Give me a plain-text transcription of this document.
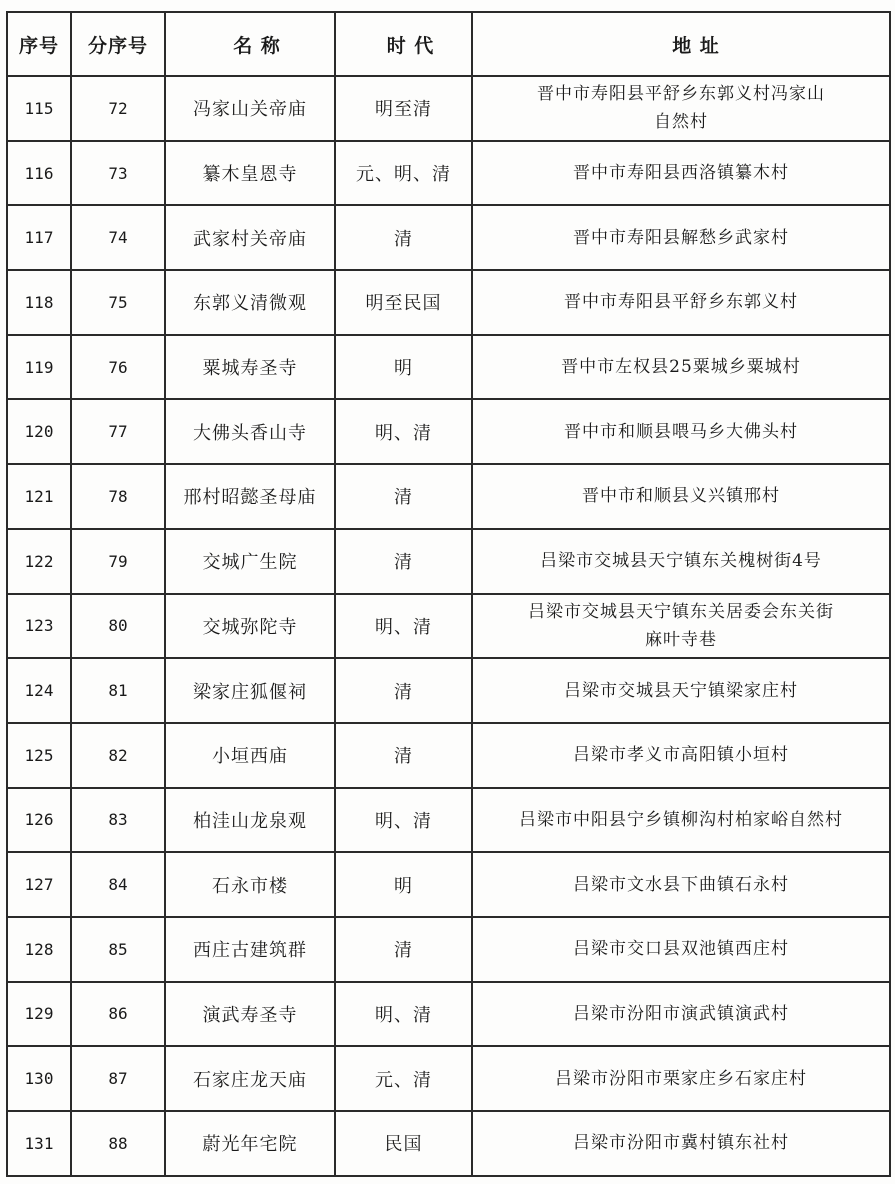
序号	分序号	名 称	时 代	地 址
115	72	冯家山关帝庙	明至清	晋中市寿阳县平舒乡东郭义村冯家山
自然村

116	73	纂木皇恩寺	元、明、清	晋中市寿阳县西洛镇纂木村

117	74	武家村关帝庙	清	晋中市寿阳县解愁乡武家村

118	75	东郭义清微观	明至民国	晋中市寿阳县平舒乡东郭义村

119	76	粟城寿圣寺	明	晋中市左权县25粟城乡粟城村

120	77	大佛头香山寺	明、清	晋中市和顺县喂马乡大佛头村

121	78	邢村昭懿圣母庙	清	晋中市和顺县义兴镇邢村

122	79	交城广生院	清	吕梁市交城县天宁镇东关槐树街4号

123	80	交城弥陀寺	明、清	吕梁市交城县天宁镇东关居委会东关街
麻叶寺巷

124	81	梁家庄狐偃祠	清	吕梁市交城县天宁镇梁家庄村

125	82	小垣西庙	清	吕梁市孝义市高阳镇小垣村

126	83	柏洼山龙泉观	明、清	吕梁市中阳县宁乡镇柳沟村柏家峪自然村

127	84	石永市楼	明	吕梁市文水县下曲镇石永村

128	85	西庄古建筑群	清	吕梁市交口县双池镇西庄村

129	86	演武寿圣寺	明、清	吕梁市汾阳市演武镇演武村

130	87	石家庄龙天庙	元、清	吕梁市汾阳市栗家庄乡石家庄村

131	88	蔚光年宅院	民国	吕梁市汾阳市冀村镇东社村
